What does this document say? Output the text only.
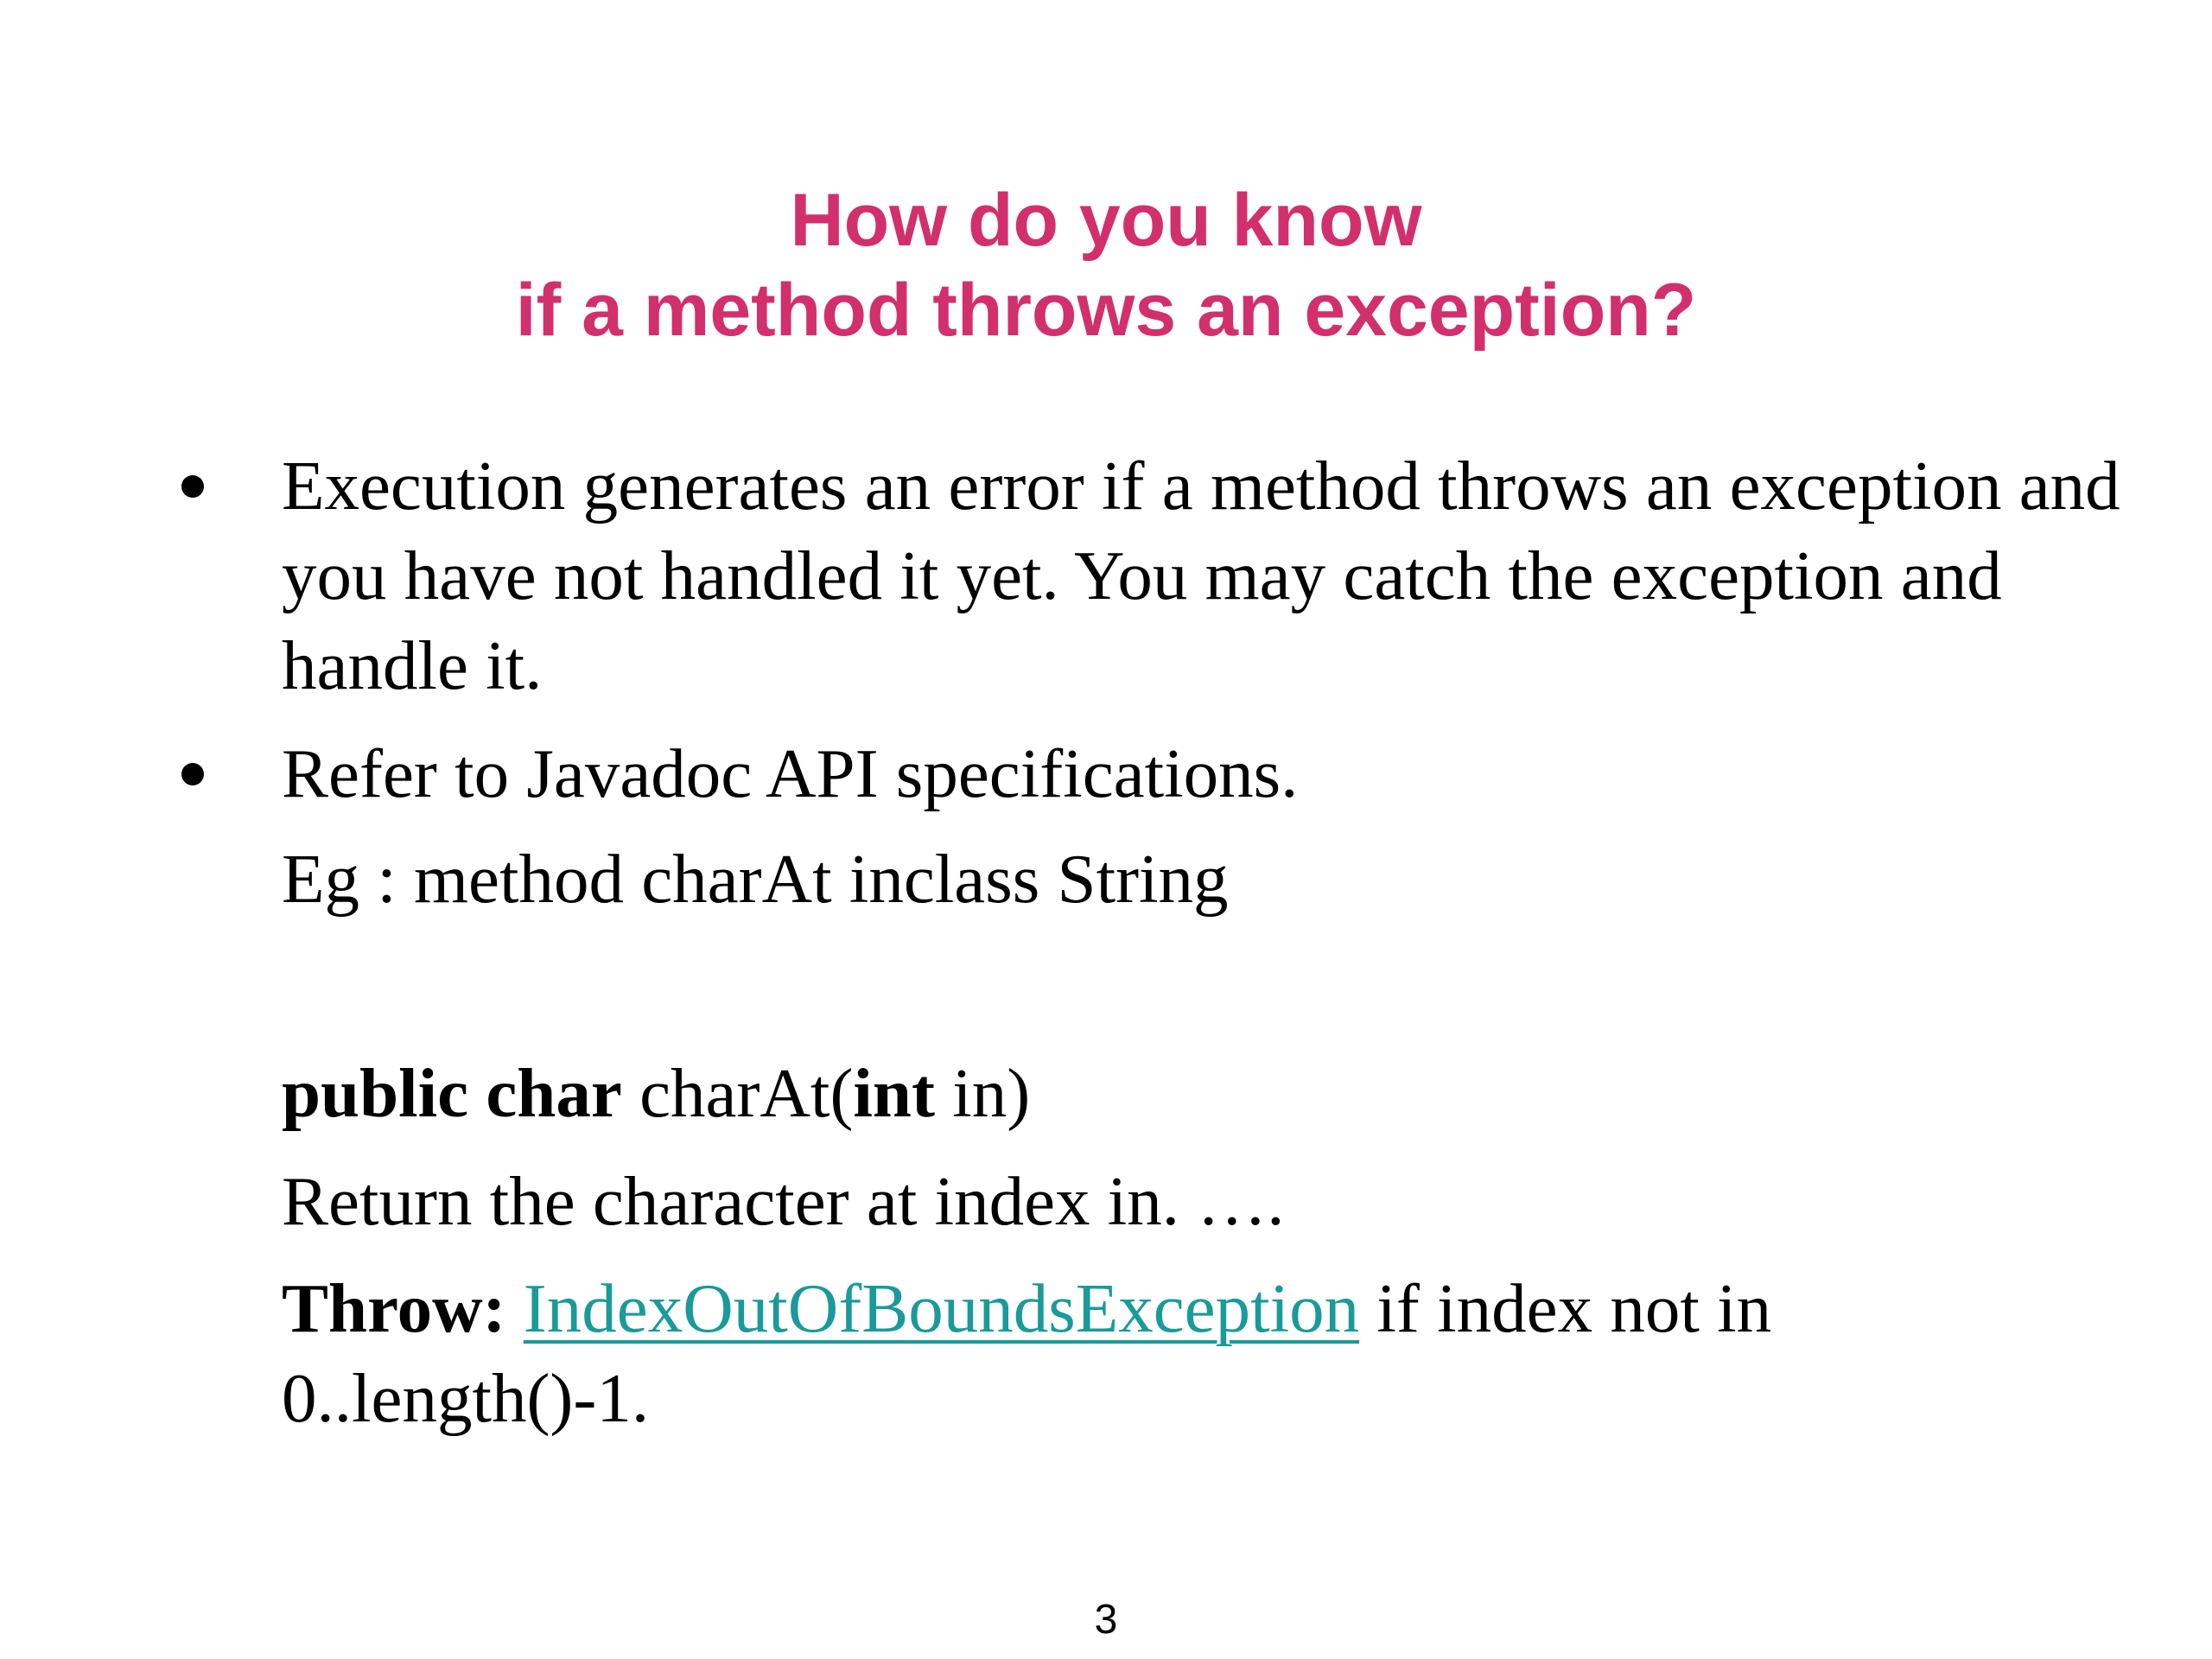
How do you know
if a method throws an exception?

Execution generates an error if a method throws an exception and you have not handled it yet. You may catch the exception and handle it.

Refer to Javadoc API specifications.

Eg : method charAt inclass String

public char charAt(int in)

Return the character at index in. ….

Throw: IndexOutOfBoundsException if index not in 0..length()-1.

3
